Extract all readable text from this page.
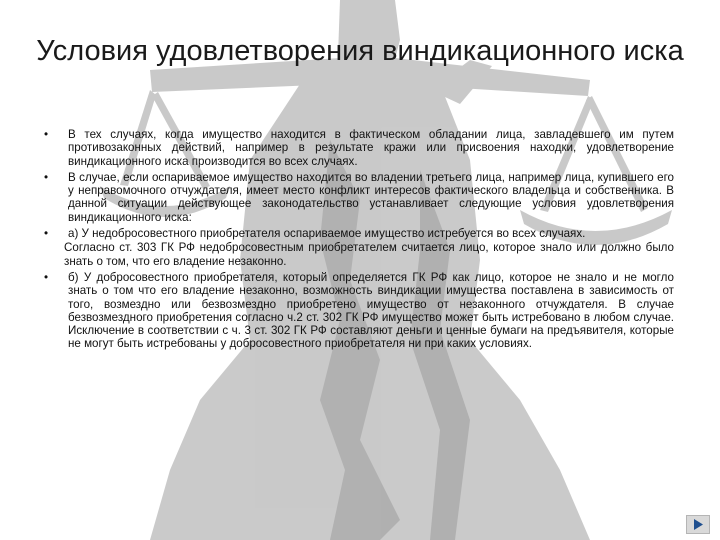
Условия удовлетворения виндикационного иска
• В тех случаях, когда имущество находится в фактическом обладании лица, завладевшего им путем противозаконных действий, например в результате кражи или присвоения находки, удовлетворение виндикационного иска производится во всех случаях.
• В случае, если оспариваемое имущество находится во владении третьего лица, например лица, купившего его у неправомочного отчуждателя, имеет место конфликт интересов фактического владельца и собственника. В данной ситуации действующее законодательство устанавливает следующие условия удовлетворения виндикационного иска:
• а) У недобросовестного приобретателя оспариваемое имущество истребуется во всех случаях.
Согласно ст. 303 ГК РФ недобросовестным приобретателем считается лицо, которое знало или должно было знать о том, что его владение незаконно.
• б) У добросовестного приобретателя, который определяется ГК РФ как лицо, которое не знало и не могло знать о том что его владение незаконно, возможность виндикации имущества поставлена в зависимость от того, возмездно или безвозмездно приобретено имущество от незаконного отчуждателя. В случае безвозмездного приобретения согласно ч.2 ст. 302 ГК РФ имущество может быть истребовано в любом случае. Исключение в соответствии с ч. 3 ст. 302 ГК РФ составляют деньги и ценные бумаги на предъявителя, которые не могут быть истребованы у добросовестного приобретателя ни при каких условиях.
